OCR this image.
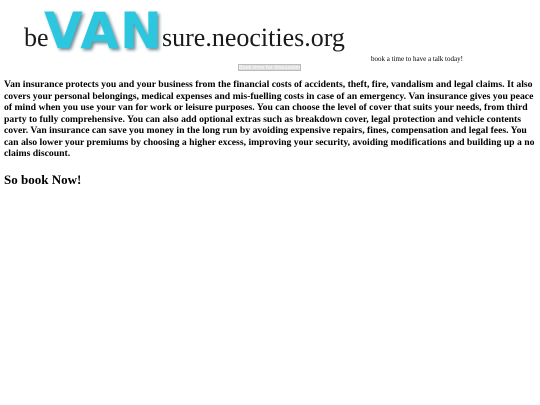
be
VAN sure.neocities.org
book a time to have a talk today!
Book time for discussion

Van insurance protects you and your business from the financial costs of accidents, theft, fire, vandalism and legal claims. It also covers your personal belongings, medical expenses and mis-fuelling costs in case of an emergency. Van insurance gives you peace of mind when you use your van for work or leisure purposes. You can choose the level of cover that suits your needs, from third party to fully comprehensive. You can also add optional extras such as breakdown cover, legal protection and vehicle contents cover. Van insurance can save you money in the long run by avoiding expensive repairs, fines, compensation and legal fees. You can also lower your premiums by choosing a higher excess, improving your security, avoiding modifications and building up a no claims discount.

So book Now!
